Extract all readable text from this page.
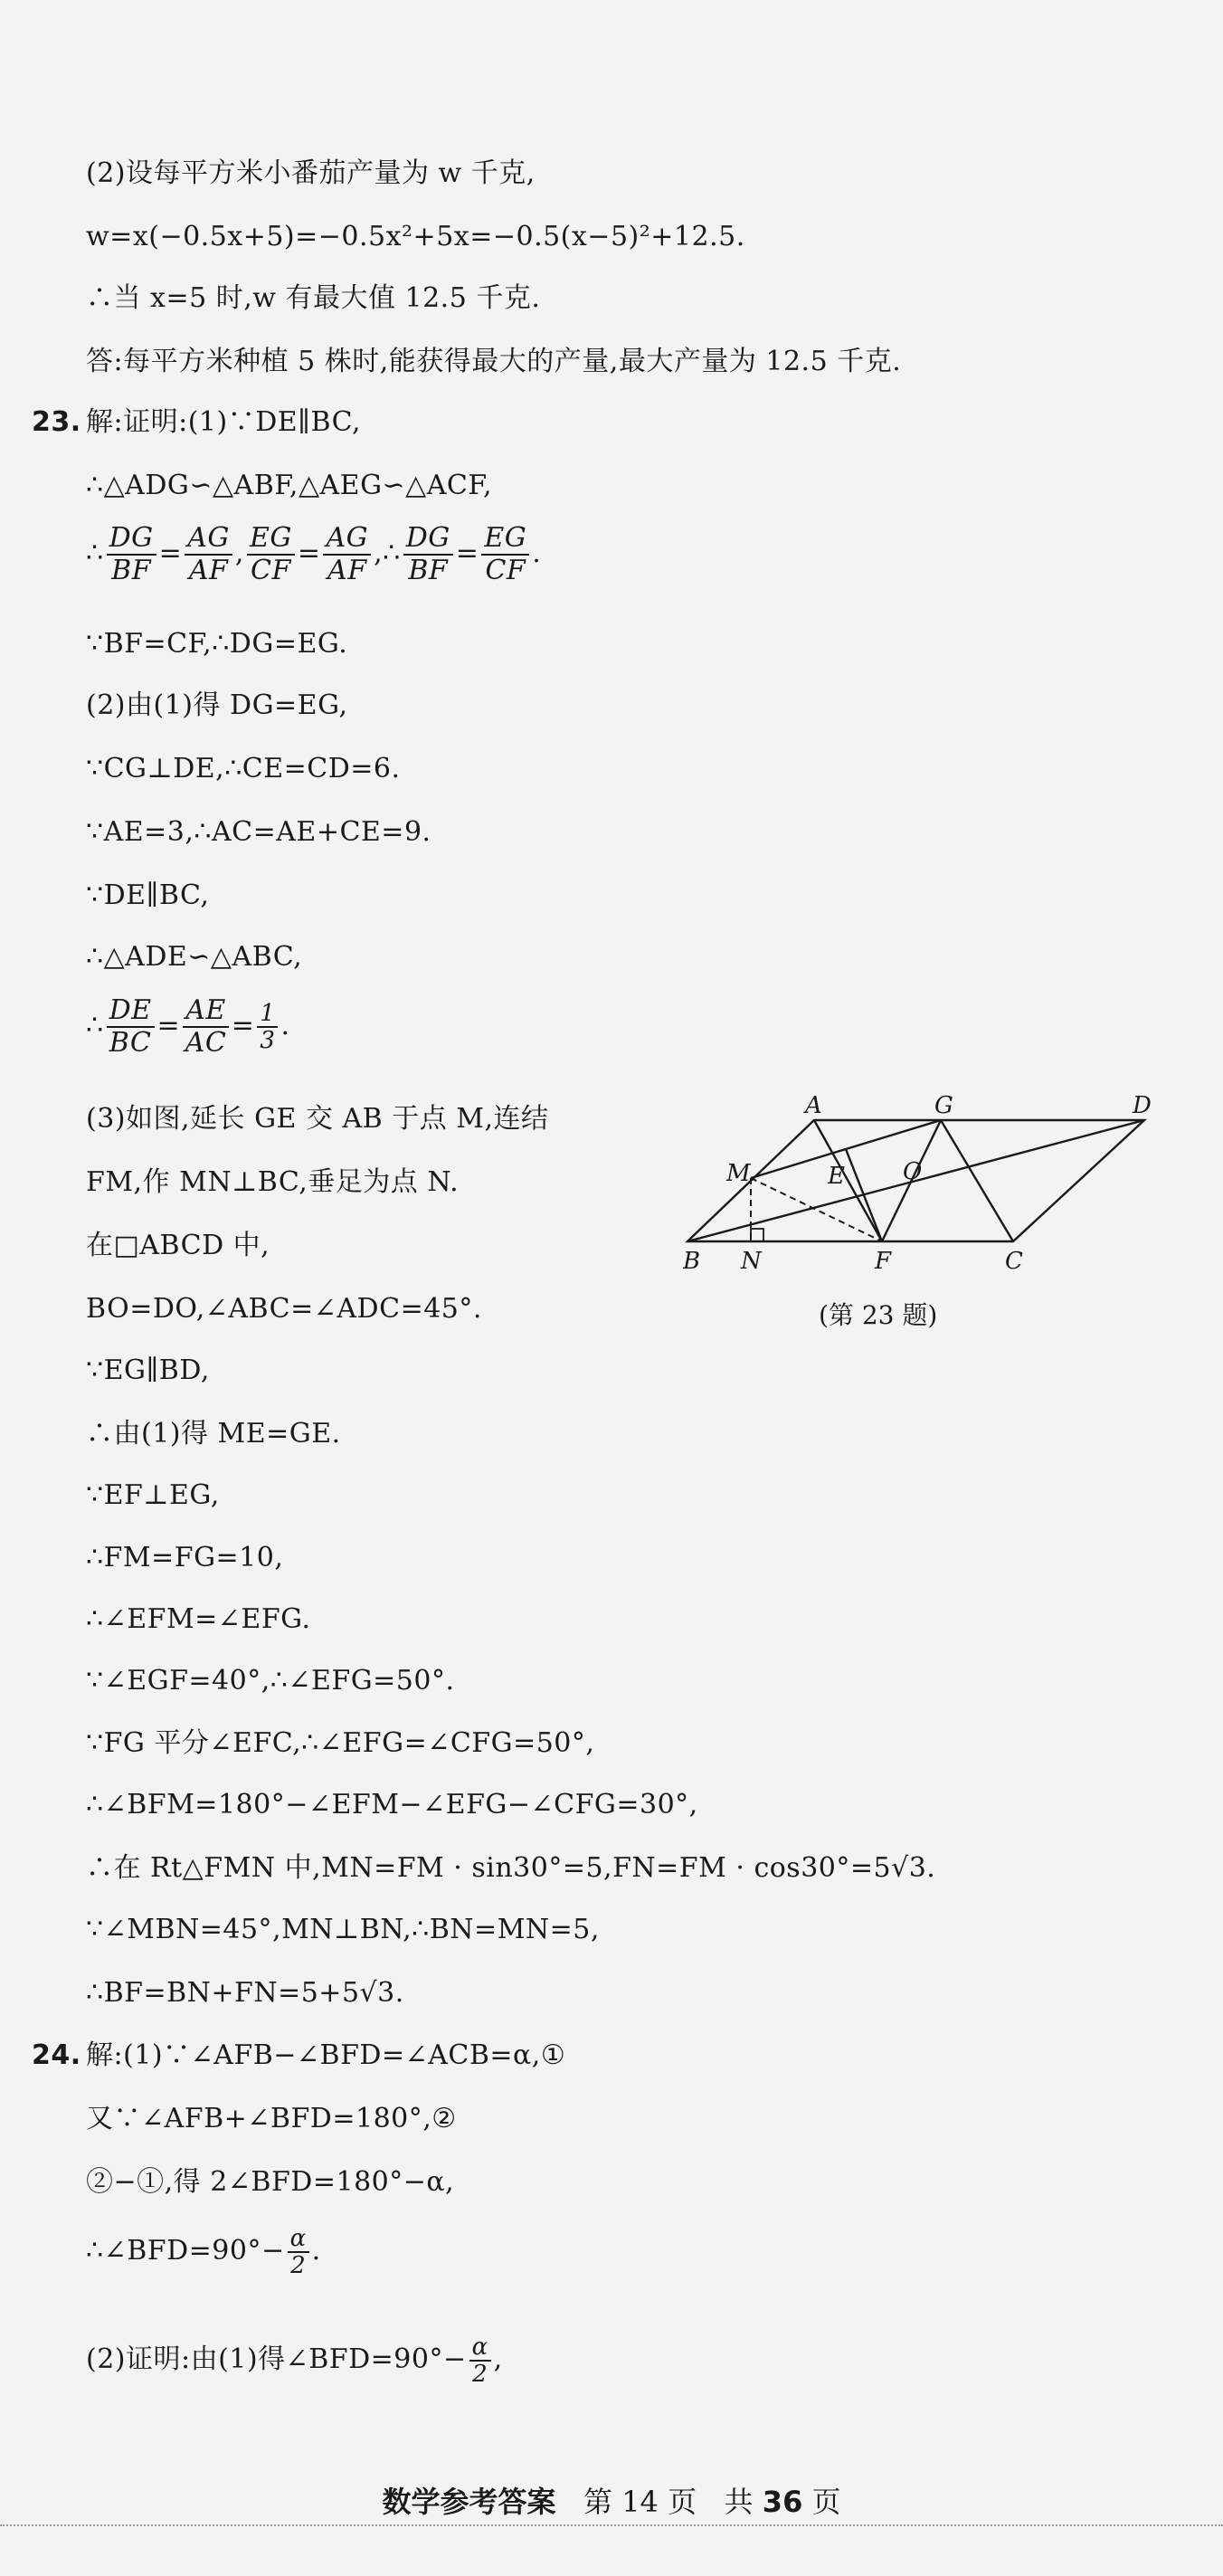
(2)设每平方米小番茄产量为 w 千克,
w=x(−0.5x+5)=−0.5x²+5x=−0.5(x−5)²+12.5.
∴当 x=5 时,w 有最大值 12.5 千克.
答:每平方米种植 5 株时,能获得最大的产量,最大产量为 12.5 千克.
23. 解:证明:(1)∵DE∥BC,
∴△ADG∽△ABF,△AEG∽△ACF,
∴ $\frac{DG}{BF} = \frac{AG}{AF}$ , $\frac{EG}{CF} = \frac{AG}{AF}$ ,∴ $\frac{DG}{BF} = \frac{EG}{CF}$ .
∵BF=CF,∴DG=EG.
(2)由(1)得 DG=EG,
∵CG⊥DE,∴CE=CD=6.
∵AE=3,∴AC=AE+CE=9.
∵DE∥BC,
∴△ADE∽△ABC,
∴ $\frac{DE}{BC} = \frac{AE}{AC} = \frac{1}{3}$ .
(3)如图,延长 GE 交 AB 于点 M,连结
FM,作 MN⊥BC,垂足为点 N.
在□ABCD 中,
BO=DO,∠ABC=∠ADC=45°.
∵EG∥BD,
∴由(1)得 ME=GE.
∵EF⊥EG,
∴FM=FG=10,
∴∠EFM=∠EFG.
∵∠EGF=40°,∴∠EFG=50°.
∵FG 平分∠EFC,∴∠EFG=∠CFG=50°,
∴∠BFM=180°−∠EFM−∠EFG−∠CFG=30°,
∴在 Rt△FMN 中,MN=FM · sin30°=5,FN=FM · cos30°=5√3.
∵∠MBN=45°,MN⊥BN,∴BN=MN=5,
∴BF=BN+FN=5+5√3.
24. 解:(1)∵∠AFB−∠BFD=∠ACB=α,①
又∵∠AFB+∠BFD=180°,②
②−①,得 2∠BFD=180°−α,
∴∠BFD=90°− $\frac{\alpha}{2}$ .
(2)证明:由(1)得∠BFD=90°− $\frac{\alpha}{2}$ ,
A	G	D
M	E O
B N	F	C
(第 23 题)
数学参考答案 第 14 页 共 36 页
